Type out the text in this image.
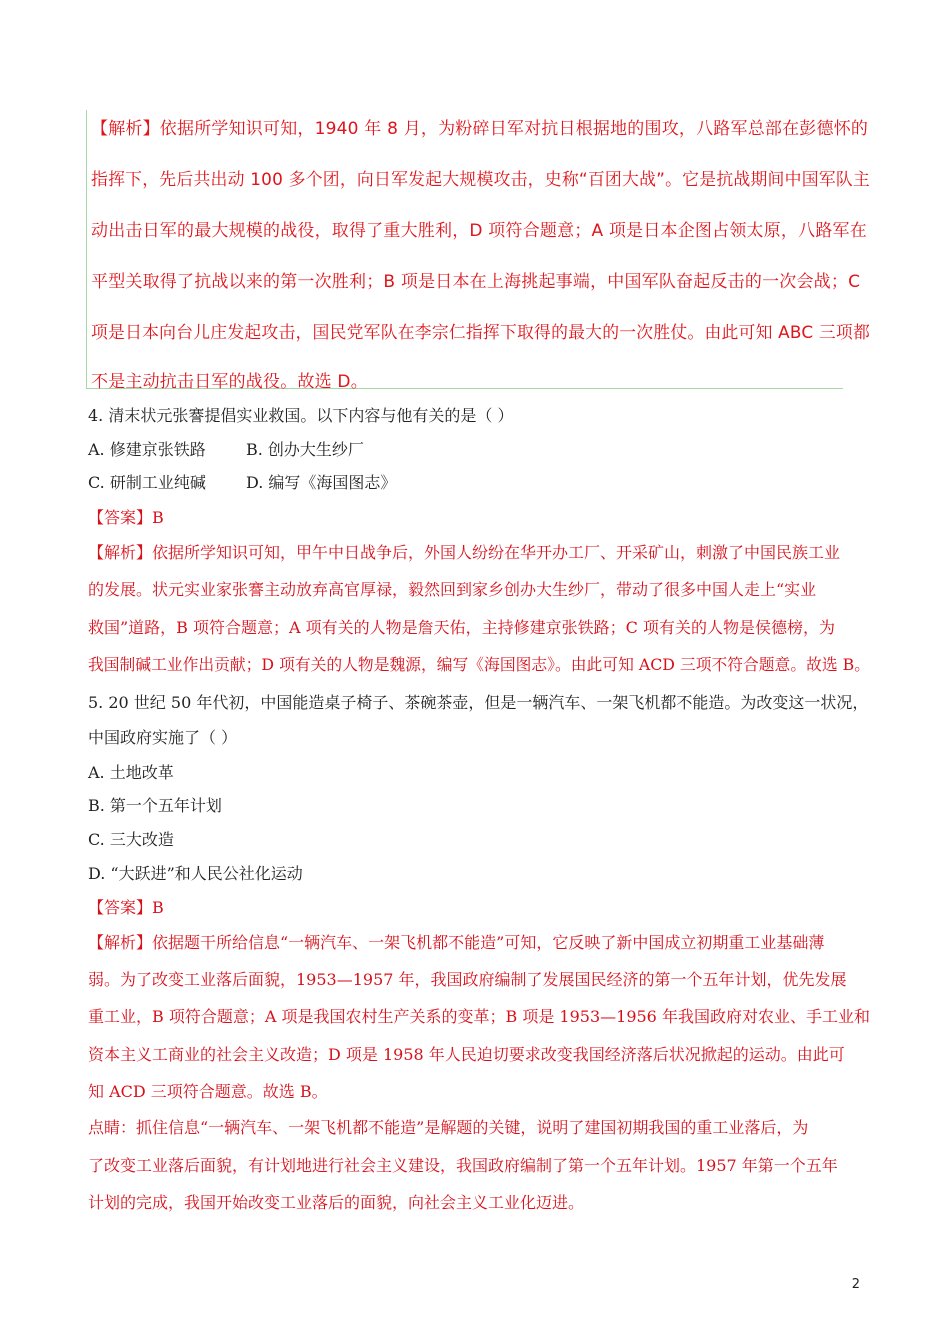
【解析】依据所学知识可知，1940 年 8 月，为粉碎日军对抗日根据地的围攻，八路军总部在彭德怀的
指挥下，先后共出动 100 多个团，向日军发起大规模攻击，史称“百团大战”。它是抗战期间中国军队主
动出击日军的最大规模的战役，取得了重大胜利，D 项符合题意；A 项是日本企图占领太原，八路军在
平型关取得了抗战以来的第一次胜利；B 项是日本在上海挑起事端，中国军队奋起反击的一次会战；C
项是日本向台儿庄发起攻击，国民党军队在李宗仁指挥下取得的最大的一次胜仗。由此可知 ABC 三项都
不是主动抗击日军的战役。故选 D。
4. 清末状元张謇提倡实业救国。以下内容与他有关的是（ ）
A. 修建京张铁路	B. 创办大生纱厂
C. 研制工业纯碱	D. 编写《海国图志》
【答案】B
【解析】依据所学知识可知，甲午中日战争后，外国人纷纷在华开办工厂、开采矿山，刺激了中国民族工业
的发展。状元实业家张謇主动放弃高官厚禄，毅然回到家乡创办大生纱厂，带动了很多中国人走上“实业
救国”道路，B 项符合题意；A 项有关的人物是詹天佑，主持修建京张铁路；C 项有关的人物是侯德榜，为
我国制碱工业作出贡献；D 项有关的人物是魏源，编写《海国图志》。由此可知 ACD 三项不符合题意。故选 B。
5. 20 世纪 50 年代初，中国能造桌子椅子、茶碗茶壶，但是一辆汽车、一架飞机都不能造。为改变这一状况，
中国政府实施了（ ）
A. 土地改革
B. 第一个五年计划
C. 三大改造
D. “大跃进”和人民公社化运动
【答案】B
【解析】依据题干所给信息“一辆汽车、一架飞机都不能造”可知，它反映了新中国成立初期重工业基础薄
弱。为了改变工业落后面貌，1953—1957 年，我国政府编制了发展国民经济的第一个五年计划，优先发展
重工业，B 项符合题意；A 项是我国农村生产关系的变革；B 项是 1953—1956 年我国政府对农业、手工业和
资本主义工商业的社会主义改造；D 项是 1958 年人民迫切要求改变我国经济落后状况掀起的运动。由此可
知 ACD 三项符合题意。故选 B。
点睛：抓住信息“一辆汽车、一架飞机都不能造”是解题的关键，说明了建国初期我国的重工业落后，为
了改变工业落后面貌，有计划地进行社会主义建设，我国政府编制了第一个五年计划。1957 年第一个五年
计划的完成，我国开始改变工业落后的面貌，向社会主义工业化迈进。
2
